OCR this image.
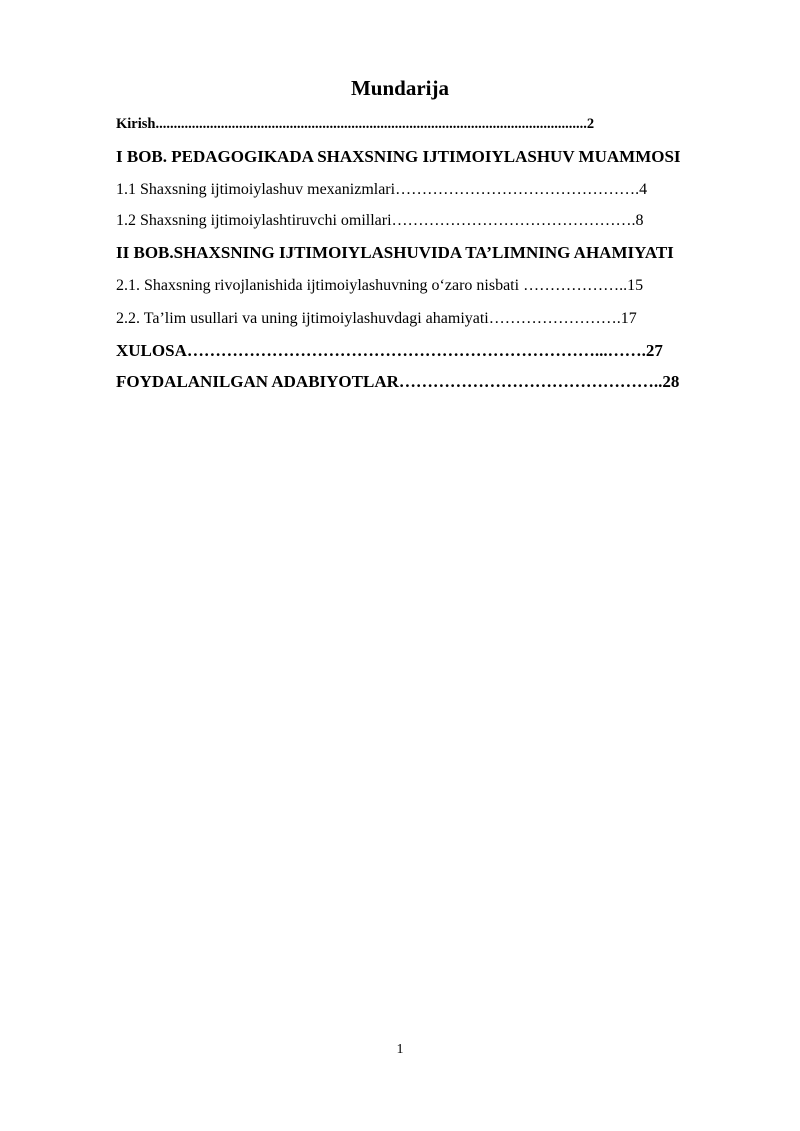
Mundarija
Kirish.......................................................................................................................2
I BOB. PEDAGOGIKADA SHAXSNING IJTIMOIYLASHUV MUAMMOSI
1.1 Shaxsning ijtimoiylashuv mexanizmlari……………………………………….4
1.2 Shaxsning ijtimoiylashtiruvchi omillari……………………………………….8
II BOB.SHAXSNING IJTIMOIYLASHUVIDA TA’LIMNING AHAMIYATI
2.1. Shaxsning rivojlanishida ijtimoiylashuvning o‘zaro nisbati ………………..15
2.2. Ta’lim usullari va uning ijtimoiylashuvdagi ahamiyati…………………….17
XULOSA………………………………………………………………...…….27
FOYDALANILGAN ADABIYOTLAR………………………………………..28
1
